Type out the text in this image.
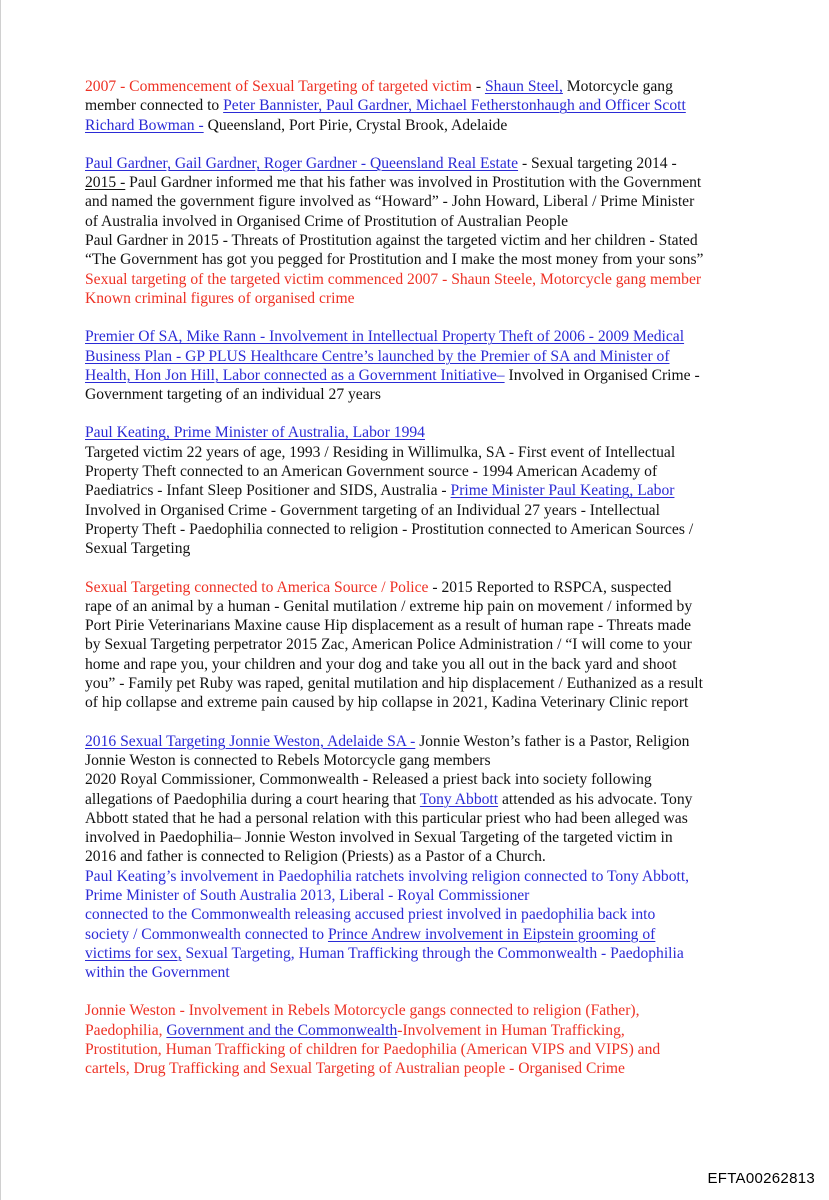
2007 - Commencement of Sexual Targeting of targeted victim - Shaun Steel, Motorcycle gang
member connected to Peter Bannister, Paul Gardner, Michael Fetherstonhaugh and Officer Scott
Richard Bowman - Queensland, Port Pirie, Crystal Brook, Adelaide
Paul Gardner, Gail Gardner, Roger Gardner - Queensland Real Estate - Sexual targeting 2014 -
2015 - Paul Gardner informed me that his father was involved in Prostitution with the Government
and named the government figure involved as “Howard” - John Howard, Liberal / Prime Minister
of Australia involved in Organised Crime of Prostitution of Australian People
Paul Gardner in 2015 - Threats of Prostitution against the targeted victim and her children - Stated
“The Government has got you pegged for Prostitution and I make the most money from your sons”
Sexual targeting of the targeted victim commenced 2007 - Shaun Steele, Motorcycle gang member
Known criminal figures of organised crime
Premier Of SA, Mike Rann - Involvement in Intellectual Property Theft of 2006 - 2009 Medical
Business Plan - GP PLUS Healthcare Centre’s launched by the Premier of SA and Minister of
Health, Hon Jon Hill, Labor connected as a Government Initiative– Involved in Organised Crime -
Government targeting of an individual 27 years
Paul Keating, Prime Minister of Australia, Labor 1994
Targeted victim 22 years of age, 1993 / Residing in Willimulka, SA - First event of Intellectual
Property Theft connected to an American Government source - 1994 American Academy of
Paediatrics - Infant Sleep Positioner and SIDS, Australia - Prime Minister Paul Keating, Labor
Involved in Organised Crime - Government targeting of an Individual 27 years - Intellectual
Property Theft - Paedophilia connected to religion - Prostitution connected to American Sources /
Sexual Targeting
Sexual Targeting connected to America Source / Police - 2015 Reported to RSPCA, suspected
rape of an animal by a human - Genital mutilation / extreme hip pain on movement / informed by
Port Pirie Veterinarians Maxine cause Hip displacement as a result of human rape - Threats made
by Sexual Targeting perpetrator 2015 Zac, American Police Administration / “I will come to your
home and rape you, your children and your dog and take you all out in the back yard and shoot
you” - Family pet Ruby was raped, genital mutilation and hip displacement / Euthanized as a result
of hip collapse and extreme pain caused by hip collapse in 2021, Kadina Veterinary Clinic report
2016 Sexual Targeting Jonnie Weston, Adelaide SA - Jonnie Weston’s father is a Pastor, Religion
Jonnie Weston is connected to Rebels Motorcycle gang members
2020 Royal Commissioner, Commonwealth - Released a priest back into society following
allegations of Paedophilia during a court hearing that Tony Abbott attended as his advocate. Tony
Abbott stated that he had a personal relation with this particular priest who had been alleged was
involved in Paedophilia– Jonnie Weston involved in Sexual Targeting of the targeted victim in
2016 and father is connected to Religion (Priests) as a Pastor of a Church.
Paul Keating’s involvement in Paedophilia ratchets involving religion connected to Tony Abbott,
Prime Minister of South Australia 2013, Liberal - Royal Commissioner
connected to the Commonwealth releasing accused priest involved in paedophilia back into
society / Commonwealth connected to Prince Andrew involvement in Eipstein grooming of
victims for sex, Sexual Targeting, Human Trafficking through the Commonwealth - Paedophilia
within the Government
Jonnie Weston - Involvement in Rebels Motorcycle gangs connected to religion (Father),
Paedophilia, Government and the Commonwealth-Involvement in Human Trafficking,
Prostitution, Human Trafficking of children for Paedophilia (American VIPS and VIPS) and
cartels, Drug Trafficking and Sexual Targeting of Australian people - Organised Crime
EFTA00262813
